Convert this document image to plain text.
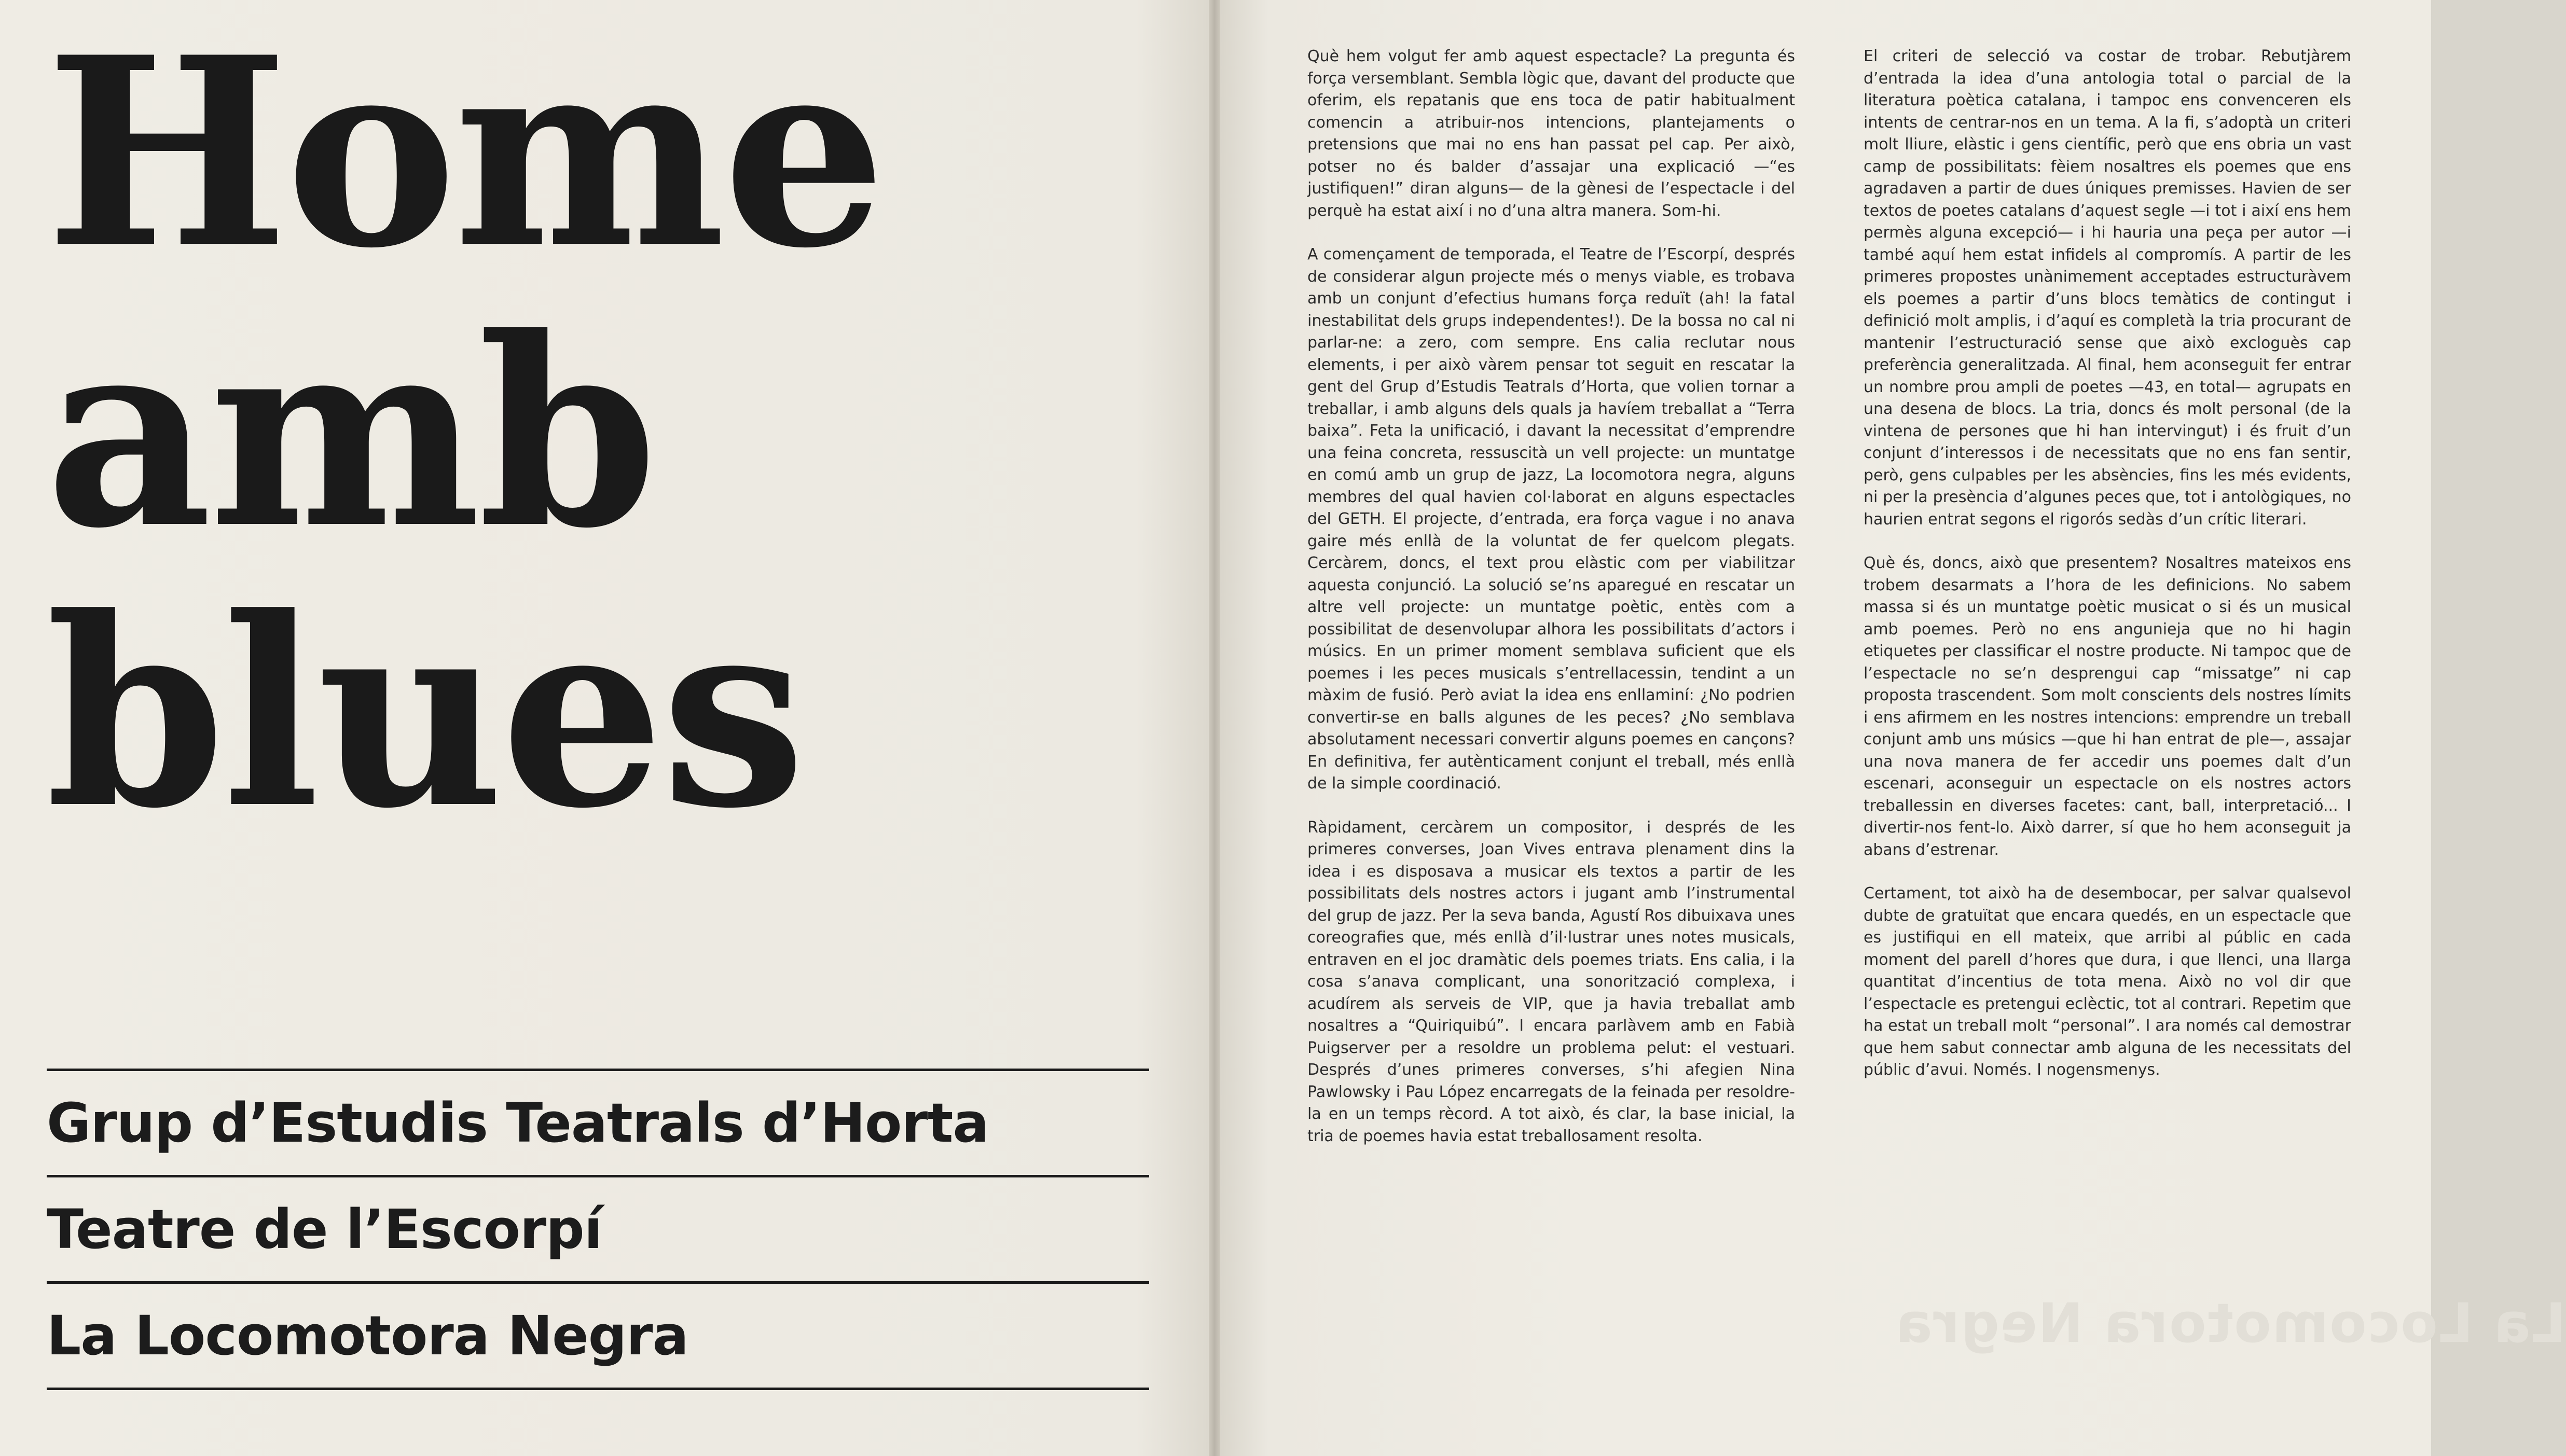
Home
amb
blues
Grup d’Estudis Teatrals d’Horta
Teatre de l’Escorpí
La Locomotora Negra

Què hem volgut fer amb aquest espectacle? La pregunta és força versemblant. Sembla lògic que, davant del producte que oferim, els repatanis que ens toca de patir habitualment comencin a atribuir-nos intencions, plantejaments o pretensions que mai no ens han passat pel cap. Per això, potser no és balder d’assajar una explicació —“es justifiquen!” diran alguns— de la gènesi de l’espectacle i del perquè ha estat així i no d’una altra manera. Som-hi.

A començament de temporada, el Teatre de l’Escorpí, després de considerar algun projecte més o menys viable, es trobava amb un conjunt d’efectius humans força reduït (ah! la fatal inestabilitat dels grups independentes!). De la bossa no cal ni parlar-ne: a zero, com sempre. Ens calia reclutar nous elements, i per això vàrem pensar tot seguit en rescatar la gent del Grup d’Estudis Teatrals d’Horta, que volien tornar a treballar, i amb alguns dels quals ja havíem treballat a “Terra baixa”. Feta la unificació, i davant la necessitat d’emprendre una feina concreta, ressuscità un vell projecte: un muntatge en comú amb un grup de jazz, La locomotora negra, alguns membres del qual havien col·laborat en alguns espectacles del GETH. El projecte, d’entrada, era força vague i no anava gaire més enllà de la voluntat de fer quelcom plegats. Cercàrem, doncs, el text prou elàstic com per viabilitzar aquesta conjunció. La solució se’ns aparegué en rescatar un altre vell projecte: un muntatge poètic, entès com a possibilitat de desenvolupar alhora les possibilitats d’actors i músics. En un primer moment semblava suficient que els poemes i les peces musicals s’entrellacessin, tendint a un màxim de fusió. Però aviat la idea ens enllaminí: ¿No podrien convertir-se en balls algunes de les peces? ¿No semblava absolutament necessari convertir alguns poemes en cançons? En definitiva, fer autènticament conjunt el treball, més enllà de la simple coordinació.

Ràpidament, cercàrem un compositor, i després de les primeres converses, Joan Vives entrava plenament dins la idea i es disposava a musicar els textos a partir de les possibilitats dels nostres actors i jugant amb l’instrumental del grup de jazz. Per la seva banda, Agustí Ros dibuixava unes coreografies que, més enllà d’il·lustrar unes notes musicals, entraven en el joc dramàtic dels poemes triats. Ens calia, i la cosa s’anava complicant, una sonorització complexa, i acudírem als serveis de VIP, que ja havia treballat amb nosaltres a “Quiriquibú”. I encara parlàvem amb en Fabià Puigserver per a resoldre un problema pelut: el vestuari. Després d’unes primeres converses, s’hi afegien Nina Pawlowsky i Pau López encarregats de la feinada per resoldre-la en un temps rècord. A tot això, és clar, la base inicial, la tria de poemes havia estat treballosament resolta.

El criteri de selecció va costar de trobar. Rebutjàrem d’entrada la idea d’una antologia total o parcial de la literatura poètica catalana, i tampoc ens convenceren els intents de centrar-nos en un tema. A la fi, s’adoptà un criteri molt lliure, elàstic i gens científic, però que ens obria un vast camp de possibilitats: fèiem nosaltres els poemes que ens agradaven a partir de dues úniques premisses. Havien de ser textos de poetes catalans d’aquest segle —i tot i així ens hem permès alguna excepció— i hi hauria una peça per autor —i també aquí hem estat infidels al compromís. A partir de les primeres propostes unànimement acceptades estructuràvem els poemes a partir d’uns blocs temàtics de contingut i definició molt amplis, i d’aquí es completà la tria procurant de mantenir l’estructuració sense que això excloguès cap preferència generalitzada. Al final, hem aconseguit fer entrar un nombre prou ampli de poetes —43, en total— agrupats en una desena de blocs. La tria, doncs és molt personal (de la vintena de persones que hi han intervingut) i és fruit d’un conjunt d’interessos i de necessitats que no ens fan sentir, però, gens culpables per les absències, fins les més evidents, ni per la presència d’algunes peces que, tot i antològiques, no haurien entrat segons el rigorós sedàs d’un crític literari.

Què és, doncs, això que presentem? Nosaltres mateixos ens trobem desarmats a l’hora de les definicions. No sabem massa si és un muntatge poètic musicat o si és un musical amb poemes. Però no ens angunieja que no hi hagin etiquetes per classificar el nostre producte. Ni tampoc que de l’espectacle no se’n desprengui cap “missatge” ni cap proposta trascendent. Som molt conscients dels nostres límits i ens afirmem en les nostres intencions: emprendre un treball conjunt amb uns músics —que hi han entrat de ple—, assajar una nova manera de fer accedir uns poemes dalt d’un escenari, aconseguir un espectacle on els nostres actors treballessin en diverses facetes: cant, ball, interpretació... I divertir-nos fent-lo. Això darrer, sí que ho hem aconseguit ja abans d’estrenar.

Certament, tot això ha de desembocar, per salvar qualsevol dubte de gratuïtat que encara quedés, en un espectacle que es justifiqui en ell mateix, que arribi al públic en cada moment del parell d’hores que dura, i que llenci, una llarga quantitat d’incentius de tota mena. Això no vol dir que l’espectacle es pretengui eclèctic, tot al contrari. Repetim que ha estat un treball molt “personal”. I ara només cal demostrar que hem sabut connectar amb alguna de les necessitats del públic d’avui. Només. I nogensmenys.

La Locomotora Negra
